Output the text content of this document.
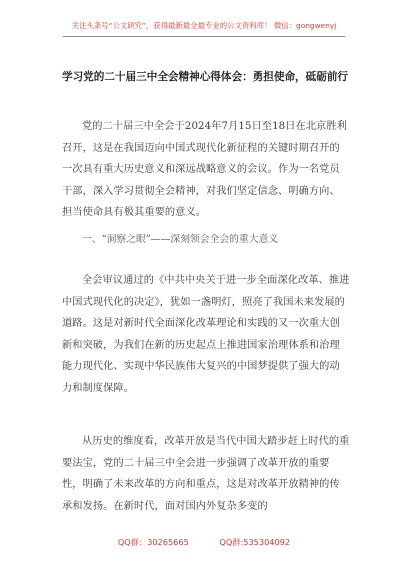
关注头条号“公文研究”，获得最新最全最专业的公文资料库！ 微信：gongwenyj
学习党的二十届三中全会精神心得体会：勇担使命，砥砺前行

党的二十届三中全会于2024年7月15日至18日在北京胜利召开，这是在我国迈向中国式现代化新征程的关键时期召开的一次具有重大历史意义和深远战略意义的会议。作为一名党员干部，深入学习贯彻全会精神，对我们坚定信念、明确方向、担当使命具有极其重要的意义。

一、“洞察之眼”——深刻领会全会的重大意义

全会审议通过的《中共中央关于进一步全面深化改革、推进中国式现代化的决定》，犹如一盏明灯，照亮了我国未来发展的道路。这是对新时代全面深化改革理论和实践的又一次重大创新和突破，为我们在新的历史起点上推进国家治理体系和治理能力现代化、实现中华民族伟大复兴的中国梦提供了强大的动力和制度保障。

从历史的维度看，改革开放是当代中国大踏步赶上时代的重要法宝，党的二十届三中全会进一步强调了改革开放的重要性，明确了未来改革的方向和重点，这是对改革开放精神的传承和发扬。在新时代，面对国内外复杂多变的

QQ群：30265665	QQ群:535304092
